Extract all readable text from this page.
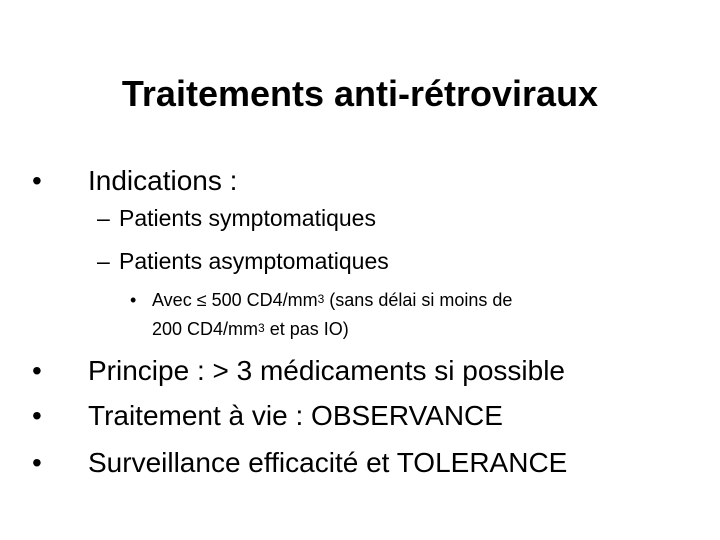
Traitements anti-rétroviraux
• Indications :
– Patients symptomatiques
– Patients asymptomatiques
• Avec ≤ 500 $CD4/mm^3$ (sans délai si moins de
200 $CD4/mm^3$ et pas IO)
• Principe : > 3 médicaments si possible
• Traitement à vie : OBSERVANCE
• Surveillance efficacité et TOLERANCE
